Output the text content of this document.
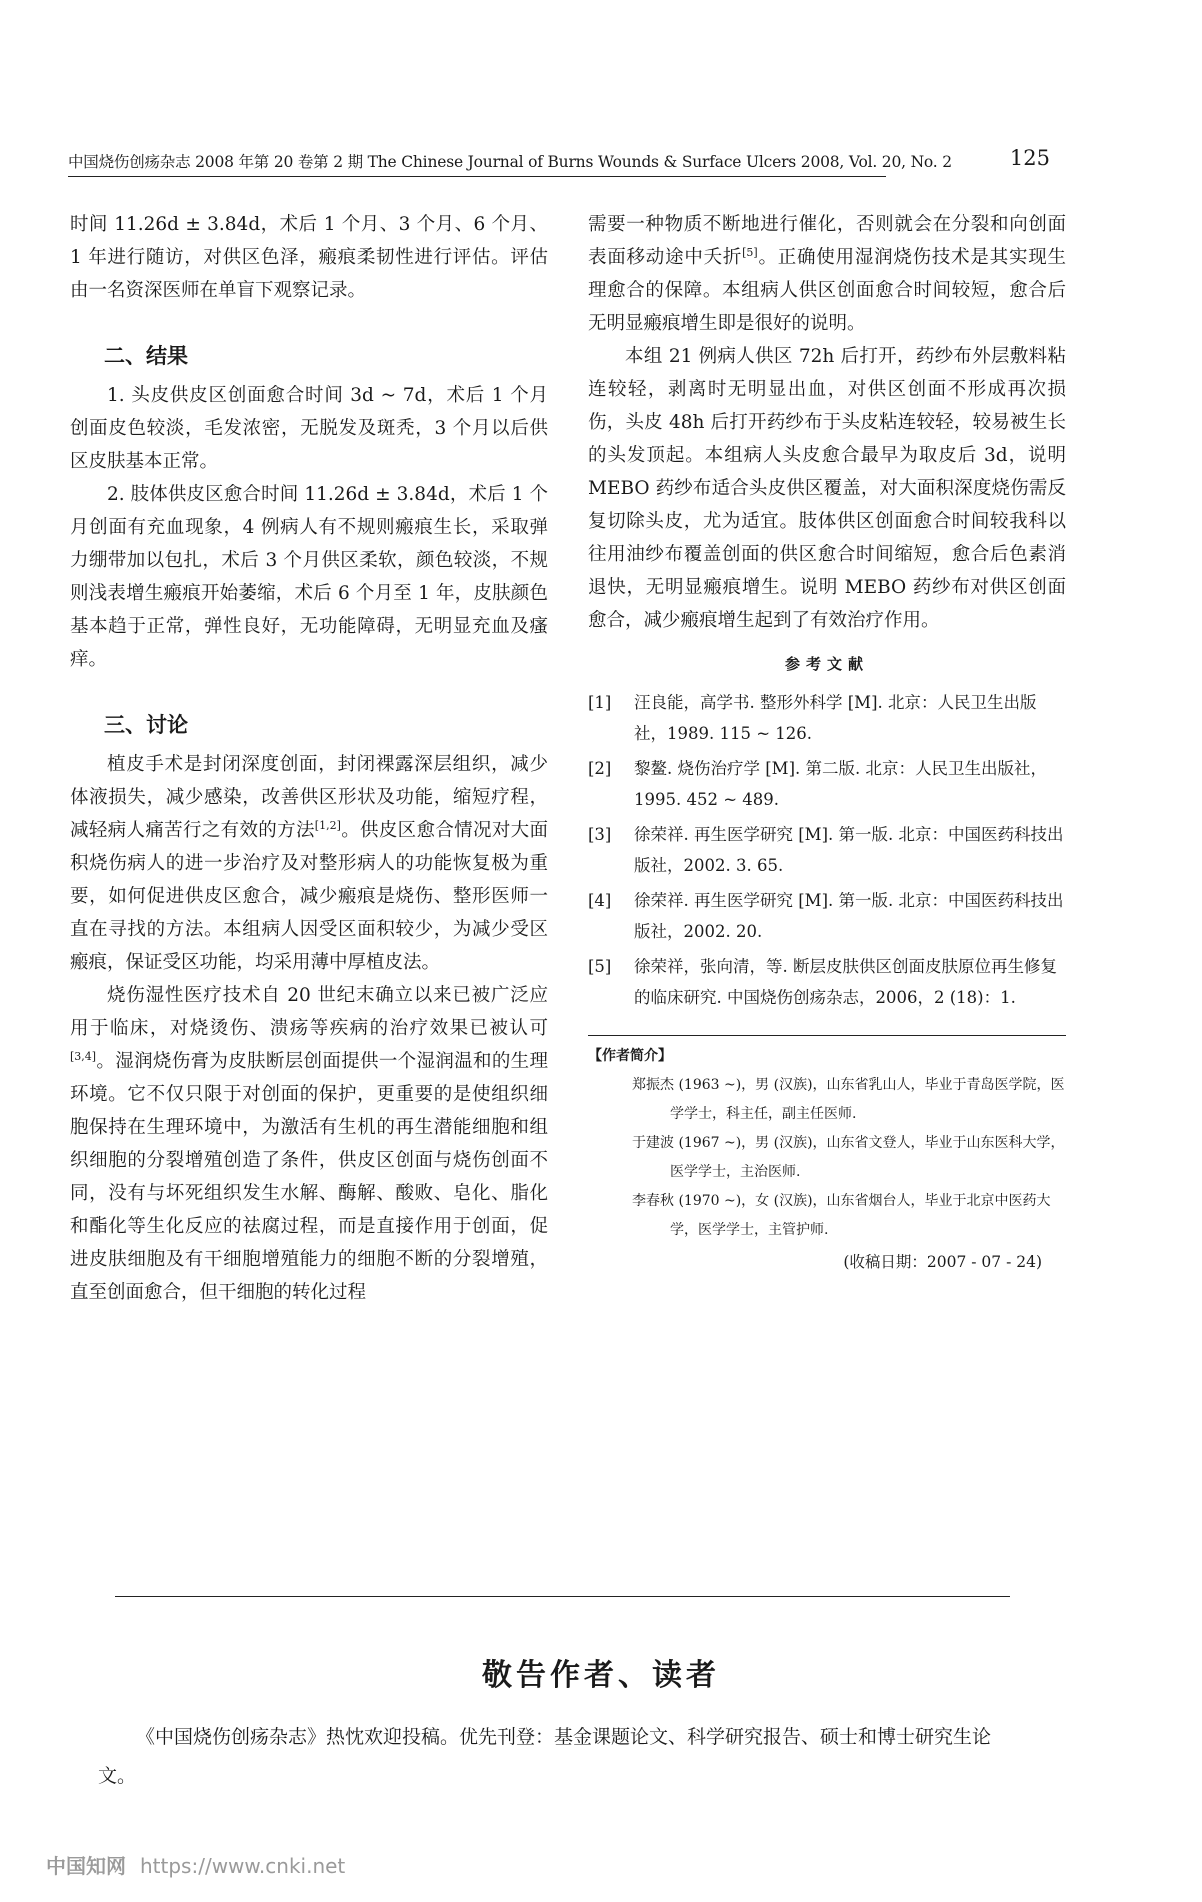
中国烧伤创疡杂志 2008 年第 20 卷第 2 期 The Chinese Journal of Burns Wounds & Surface Ulcers 2008, Vol. 20, No. 2	125

时间 11.26d ± 3.84d，术后 1 个月、3 个月、6 个月、1 年进行随访，对供区色泽，瘢痕柔韧性进行评估。评估由一名资深医师在单盲下观察记录。

二、结果

1. 头皮供皮区创面愈合时间 3d ~ 7d，术后 1 个月创面皮色较淡，毛发浓密，无脱发及斑秃，3 个月以后供区皮肤基本正常。

2. 肢体供皮区愈合时间 11.26d ± 3.84d，术后 1 个月创面有充血现象，4 例病人有不规则瘢痕生长，采取弹力绷带加以包扎，术后 3 个月供区柔软，颜色较淡，不规则浅表增生瘢痕开始萎缩，术后 6 个月至 1 年，皮肤颜色基本趋于正常，弹性良好，无功能障碍，无明显充血及瘙痒。

三、讨论

植皮手术是封闭深度创面，封闭裸露深层组织，减少体液损失，减少感染，改善供区形状及功能，缩短疗程，减轻病人痛苦行之有效的方法[1,2]。供皮区愈合情况对大面积烧伤病人的进一步治疗及对整形病人的功能恢复极为重要，如何促进供皮区愈合，减少瘢痕是烧伤、整形医师一直在寻找的方法。本组病人因受区面积较少，为减少受区瘢痕，保证受区功能，均采用薄中厚植皮法。

烧伤湿性医疗技术自 20 世纪末确立以来已被广泛应用于临床，对烧烫伤、溃疡等疾病的治疗效果已被认可[3,4]。湿润烧伤膏为皮肤断层创面提供一个湿润温和的生理环境。它不仅只限于对创面的保护，更重要的是使组织细胞保持在生理环境中，为激活有生机的再生潜能细胞和组织细胞的分裂增殖创造了条件，供皮区创面与烧伤创面不同，没有与坏死组织发生水解、酶解、酸败、皂化、脂化和酯化等生化反应的祛腐过程，而是直接作用于创面，促进皮肤细胞及有干细胞增殖能力的细胞不断的分裂增殖，直至创面愈合，但干细胞的转化过程

需要一种物质不断地进行催化，否则就会在分裂和向创面表面移动途中夭折[5]。正确使用湿润烧伤技术是其实现生理愈合的保障。本组病人供区创面愈合时间较短，愈合后无明显瘢痕增生即是很好的说明。

本组 21 例病人供区 72h 后打开，药纱布外层敷料粘连较轻，剥离时无明显出血，对供区创面不形成再次损伤，头皮 48h 后打开药纱布于头皮粘连较轻，较易被生长的头发顶起。本组病人头皮愈合最早为取皮后 3d，说明 MEBO 药纱布适合头皮供区覆盖，对大面积深度烧伤需反复切除头皮，尤为适宜。肢体供区创面愈合时间较我科以往用油纱布覆盖创面的供区愈合时间缩短，愈合后色素消退快，无明显瘢痕增生。说明 MEBO 药纱布对供区创面愈合，减少瘢痕增生起到了有效治疗作用。

参考文献
[1] 汪良能，高学书. 整形外科学 [M]. 北京：人民卫生出版社，1989. 115 ~ 126.
[2] 黎鳌. 烧伤治疗学 [M]. 第二版. 北京：人民卫生出版社，1995. 452 ~ 489.
[3] 徐荣祥. 再生医学研究 [M]. 第一版. 北京：中国医药科技出版社，2002. 3. 65.
[4] 徐荣祥. 再生医学研究 [M]. 第一版. 北京：中国医药科技出版社，2002. 20.
[5] 徐荣祥，张向清，等. 断层皮肤供区创面皮肤原位再生修复的临床研究. 中国烧伤创疡杂志，2006，2 (18)：1.
【作者简介】
郑振杰 (1963 ~)，男 (汉族)，山东省乳山人，毕业于青岛医学院，医学学士，科主任，副主任医师.
于建波 (1967 ~)，男 (汉族)，山东省文登人，毕业于山东医科大学，医学学士，主治医师.
李春秋 (1970 ~)，女 (汉族)，山东省烟台人，毕业于北京中医药大学，医学学士，主管护师.
(收稿日期：2007 - 07 - 24)
敬告作者、读者

《中国烧伤创疡杂志》热忱欢迎投稿。优先刊登：基金课题论文、科学研究报告、硕士和博士研究生论文。

中国知网 https://www.cnki.net
